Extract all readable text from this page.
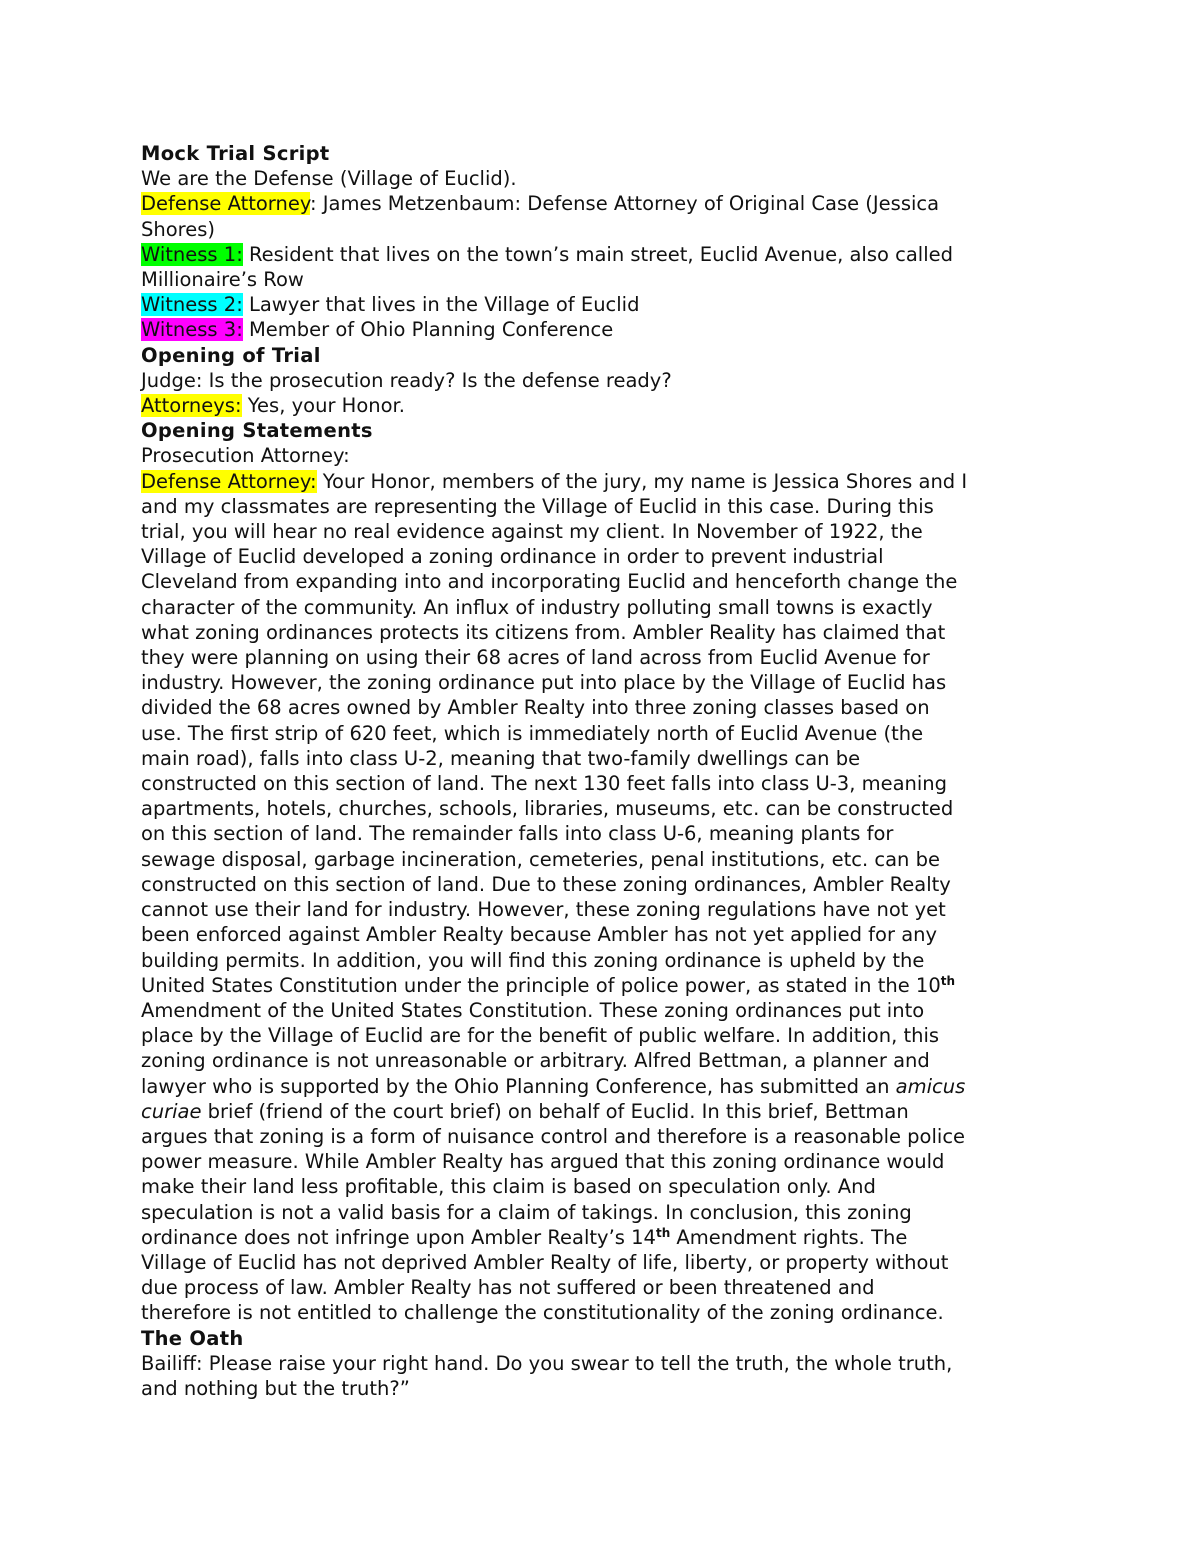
Mock Trial Script
We are the Defense (Village of Euclid).
Defense Attorney: James Metzenbaum: Defense Attorney of Original Case (Jessica
Shores)
Witness 1: Resident that lives on the town’s main street, Euclid Avenue, also called
Millionaire’s Row
Witness 2: Lawyer that lives in the Village of Euclid
Witness 3: Member of Ohio Planning Conference
Opening of Trial
Judge: Is the prosecution ready? Is the defense ready?
Attorneys: Yes, your Honor.
Opening Statements
Prosecution Attorney:
Defense Attorney: Your Honor, members of the jury, my name is Jessica Shores and I
and my classmates are representing the Village of Euclid in this case. During this
trial, you will hear no real evidence against my client. In November of 1922, the
Village of Euclid developed a zoning ordinance in order to prevent industrial
Cleveland from expanding into and incorporating Euclid and henceforth change the
character of the community. An influx of industry polluting small towns is exactly
what zoning ordinances protects its citizens from. Ambler Reality has claimed that
they were planning on using their 68 acres of land across from Euclid Avenue for
industry. However, the zoning ordinance put into place by the Village of Euclid has
divided the 68 acres owned by Ambler Realty into three zoning classes based on
use. The first strip of 620 feet, which is immediately north of Euclid Avenue (the
main road), falls into class U-2, meaning that two-family dwellings can be
constructed on this section of land. The next 130 feet falls into class U-3, meaning
apartments, hotels, churches, schools, libraries, museums, etc. can be constructed
on this section of land. The remainder falls into class U-6, meaning plants for
sewage disposal, garbage incineration, cemeteries, penal institutions, etc. can be
constructed on this section of land. Due to these zoning ordinances, Ambler Realty
cannot use their land for industry. However, these zoning regulations have not yet
been enforced against Ambler Realty because Ambler has not yet applied for any
building permits. In addition, you will find this zoning ordinance is upheld by the
United States Constitution under the principle of police power, as stated in the 10th
Amendment of the United States Constitution. These zoning ordinances put into
place by the Village of Euclid are for the benefit of public welfare. In addition, this
zoning ordinance is not unreasonable or arbitrary. Alfred Bettman, a planner and
lawyer who is supported by the Ohio Planning Conference, has submitted an amicus
curiae brief (friend of the court brief) on behalf of Euclid. In this brief, Bettman
argues that zoning is a form of nuisance control and therefore is a reasonable police
power measure. While Ambler Realty has argued that this zoning ordinance would
make their land less profitable, this claim is based on speculation only. And
speculation is not a valid basis for a claim of takings. In conclusion, this zoning
ordinance does not infringe upon Ambler Realty’s 14th Amendment rights. The
Village of Euclid has not deprived Ambler Realty of life, liberty, or property without
due process of law. Ambler Realty has not suffered or been threatened and
therefore is not entitled to challenge the constitutionality of the zoning ordinance.
The Oath
Bailiff: Please raise your right hand. Do you swear to tell the truth, the whole truth,
and nothing but the truth?”
